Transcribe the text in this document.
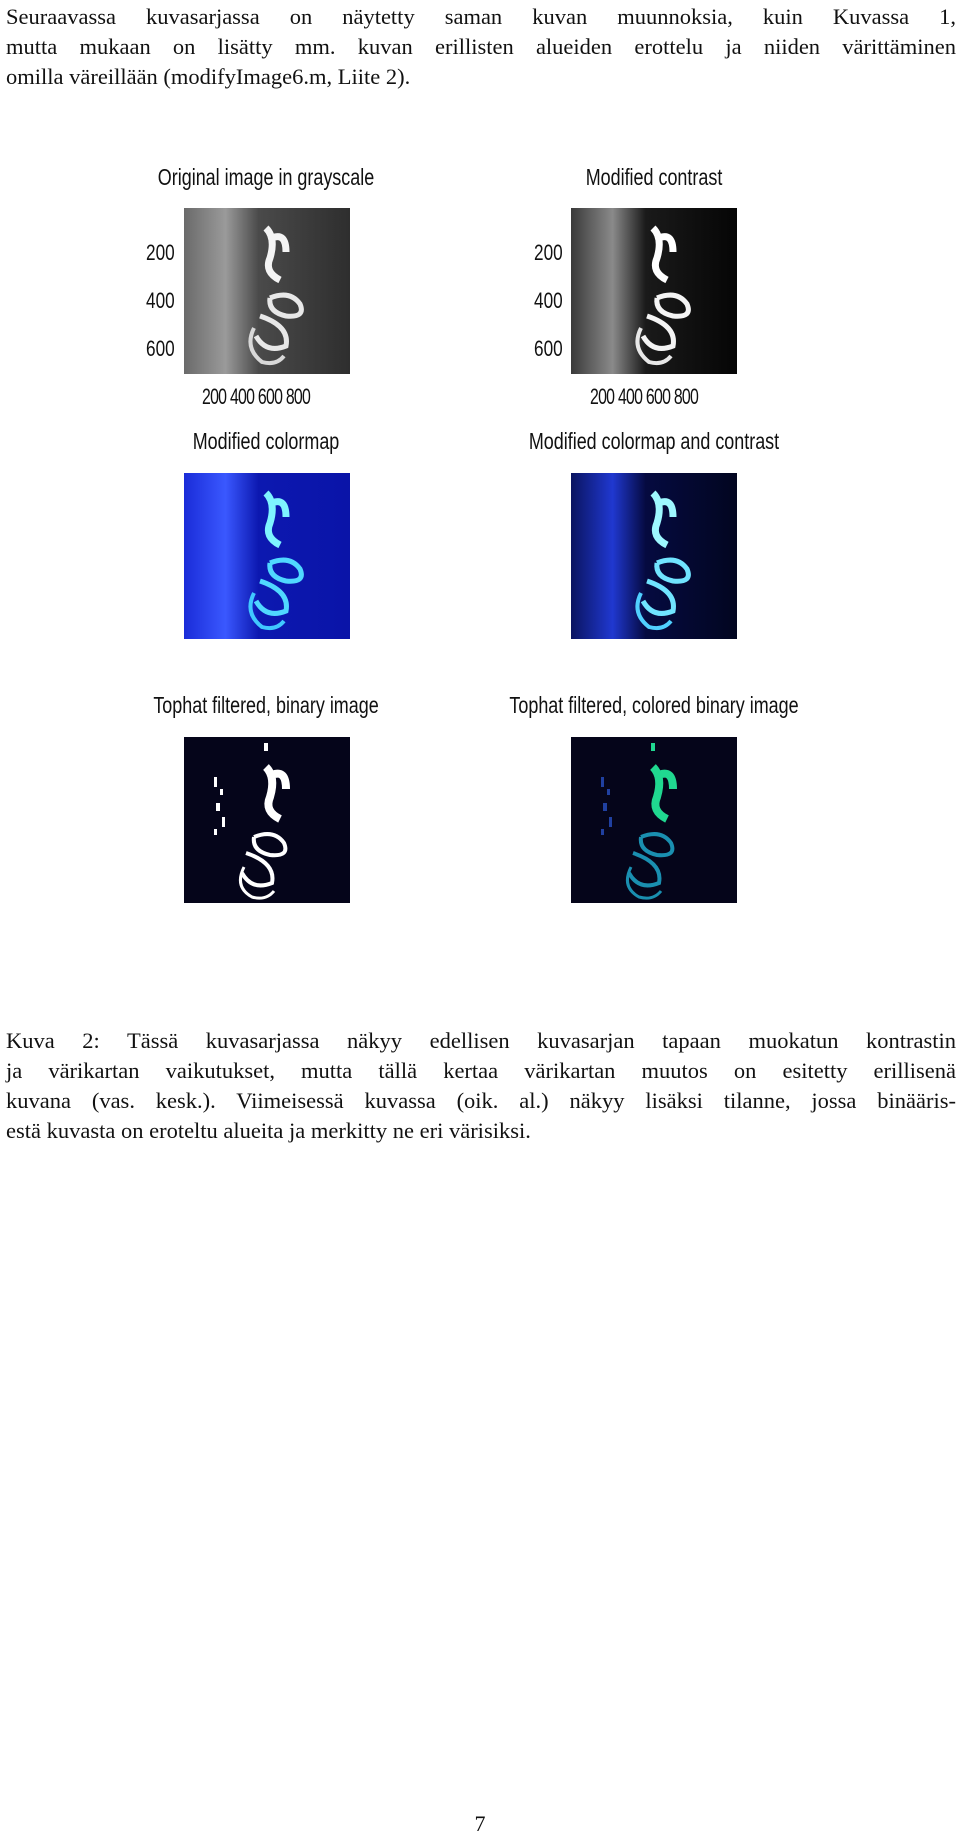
Seuraavassa kuvasarjassa on näytetty saman kuvan muunnoksia, kuin Kuvassa 1,
mutta mukaan on lisätty mm. kuvan erillisten alueiden erottelu ja niiden värittäminen
omilla väreillään (modifyImage6.m, Liite 2).
Original image in grayscale
200
400
600
200 400 600 800
Modified contrast
200
400
600
200 400 600 800
Modified colormap	Modified colormap and contrast
Tophat filtered, binary image	Tophat filtered, colored binary image
Kuva 2: Tässä kuvasarjassa näkyy edellisen kuvasarjan tapaan muokatun kontrastin
ja värikartan vaikutukset, mutta tällä kertaa värikartan muutos on esitetty erillisenä
kuvana (vas. kesk.). Viimeisessä kuvassa (oik. al.) näkyy lisäksi tilanne, jossa binääris-
estä kuvasta on eroteltu alueita ja merkitty ne eri värisiksi.
7
